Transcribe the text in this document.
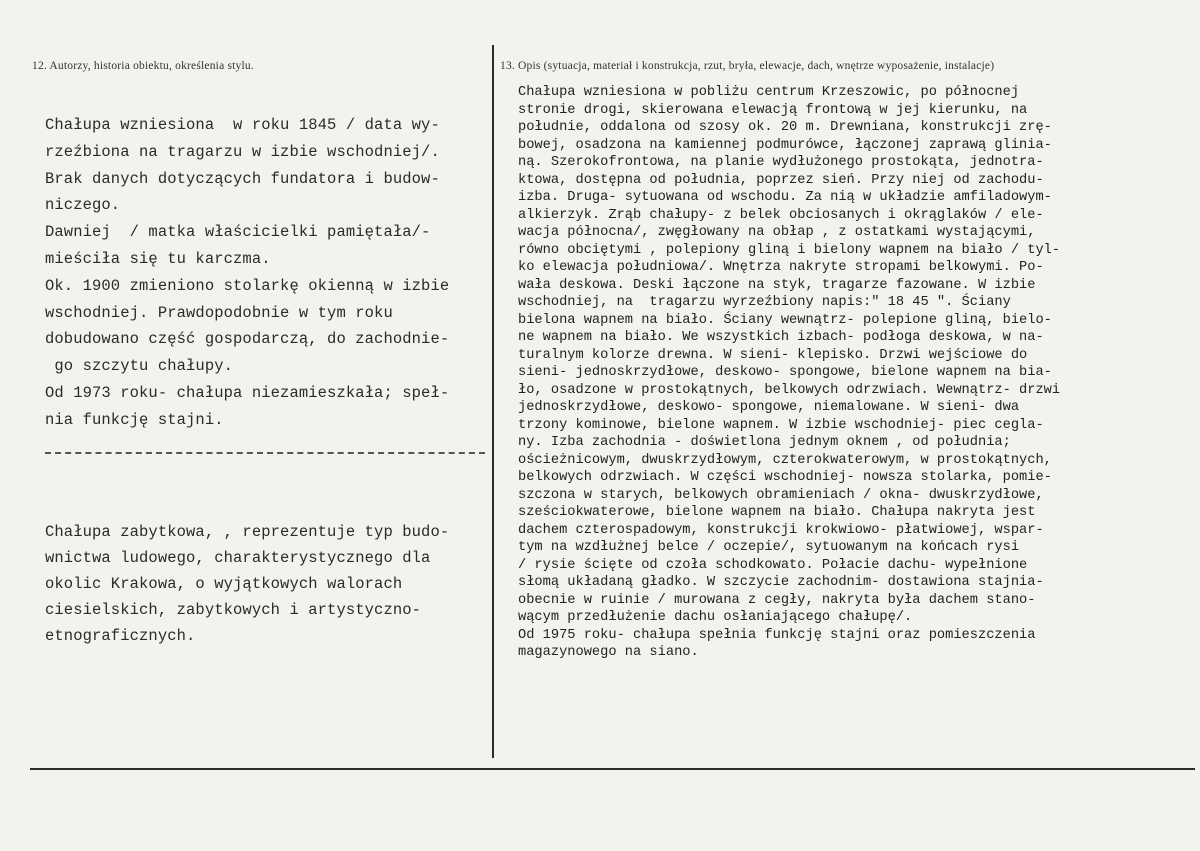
12. Autorzy, historia obiektu, określenia stylu.	13. Opis (sytuacja, materiał i konstrukcja, rzut, bryła, elewacje, dach, wnętrze wyposażenie, instalacje)
Chałupa wzniesiona  w roku 1845 / data wy-
rzeźbiona na tragarzu w izbie wschodniej/.
Brak danych dotyczących fundatora i budow-
niczego.
Dawniej  / matka właścicielki pamiętała/-
mieściła się tu karczma.
Ok. 1900 zmieniono stolarkę okienną w izbie
wschodniej. Prawdopodobnie w tym roku
dobudowano część gospodarczą, do zachodnie-
go szczytu chałupy.
Od 1973 roku- chałupa niezamieszkała; speł-
nia funkcję stajni.
Chałupa zabytkowa, , reprezentuje typ budo-
wnictwa ludowego, charakterystycznego dla
okolic Krakowa, o wyjątkowych walorach
ciesielskich, zabytkowych i artystyczno-
etnograficznych.
Chałupa wzniesiona w pobliżu centrum Krzeszowic, po północnej
stronie drogi, skierowana elewacją frontową w jej kierunku, na
południe, oddalona od szosy ok. 20 m. Drewniana, konstrukcji zrę-
bowej, osadzona na kamiennej podmurówce, łączonej zaprawą glinia-
ną. Szerokofrontowa, na planie wydłużonego prostokąta, jednotra-
ktowa, dostępna od południa, poprzez sień. Przy niej od zachodu-
izba. Druga- sytuowana od wschodu. Za nią w układzie amfiladowym-
alkierzyk. Zrąb chałupy- z belek obciosanych i okrąglaków / ele-
wacja północna/, zwęgłowany na obłap , z ostatkami wystającymi,
równo obciętymi , polepiony gliną i bielony wapnem na biało / tyl-
ko elewacja południowa/. Wnętrza nakryte stropami belkowymi. Po-
wała deskowa. Deski łączone na styk, tragarze fazowane. W izbie
wschodniej, na  tragarzu wyrzeźbiony napis:" 18 45 ". Ściany
bielona wapnem na biało. Ściany wewnątrz- polepione gliną, bielo-
ne wapnem na biało. We wszystkich izbach- podłoga deskowa, w na-
turalnym kolorze drewna. W sieni- klepisko. Drzwi wejściowe do
sieni- jednoskrzydłowe, deskowo- spongowe, bielone wapnem na bia-
ło, osadzone w prostokątnych, belkowych odrzwiach. Wewnątrz- drzwi
jednoskrzydłowe, deskowo- spongowe, niemalowane. W sieni- dwa
trzony kominowe, bielone wapnem. W izbie wschodniej- piec cegla-
ny. Izba zachodnia - doświetlona jednym oknem , od południa;
ościeżnicowym, dwuskrzydłowym, czterokwaterowym, w prostokątnych,
belkowych odrzwiach. W części wschodniej- nowsza stolarka, pomie-
szczona w starych, belkowych obramieniach / okna- dwuskrzydłowe,
sześciokwaterowe, bielone wapnem na biało. Chałupa nakryta jest
dachem czterospadowym, konstrukcji krokwiowo- płatwiowej, wspar-
tym na wzdłużnej belce / oczepie/, sytuowanym na końcach rysi
/ rysie ścięte od czoła schodkowato. Połacie dachu- wypełnione
słomą układaną gładko. W szczycie zachodnim- dostawiona stajnia-
obecnie w ruinie / murowana z cegły, nakryta była dachem stano-
wącym przedłużenie dachu osłaniającego chałupę/.
Od 1975 roku- chałupa spełnia funkcję stajni oraz pomieszczenia
magazynowego na siano.
